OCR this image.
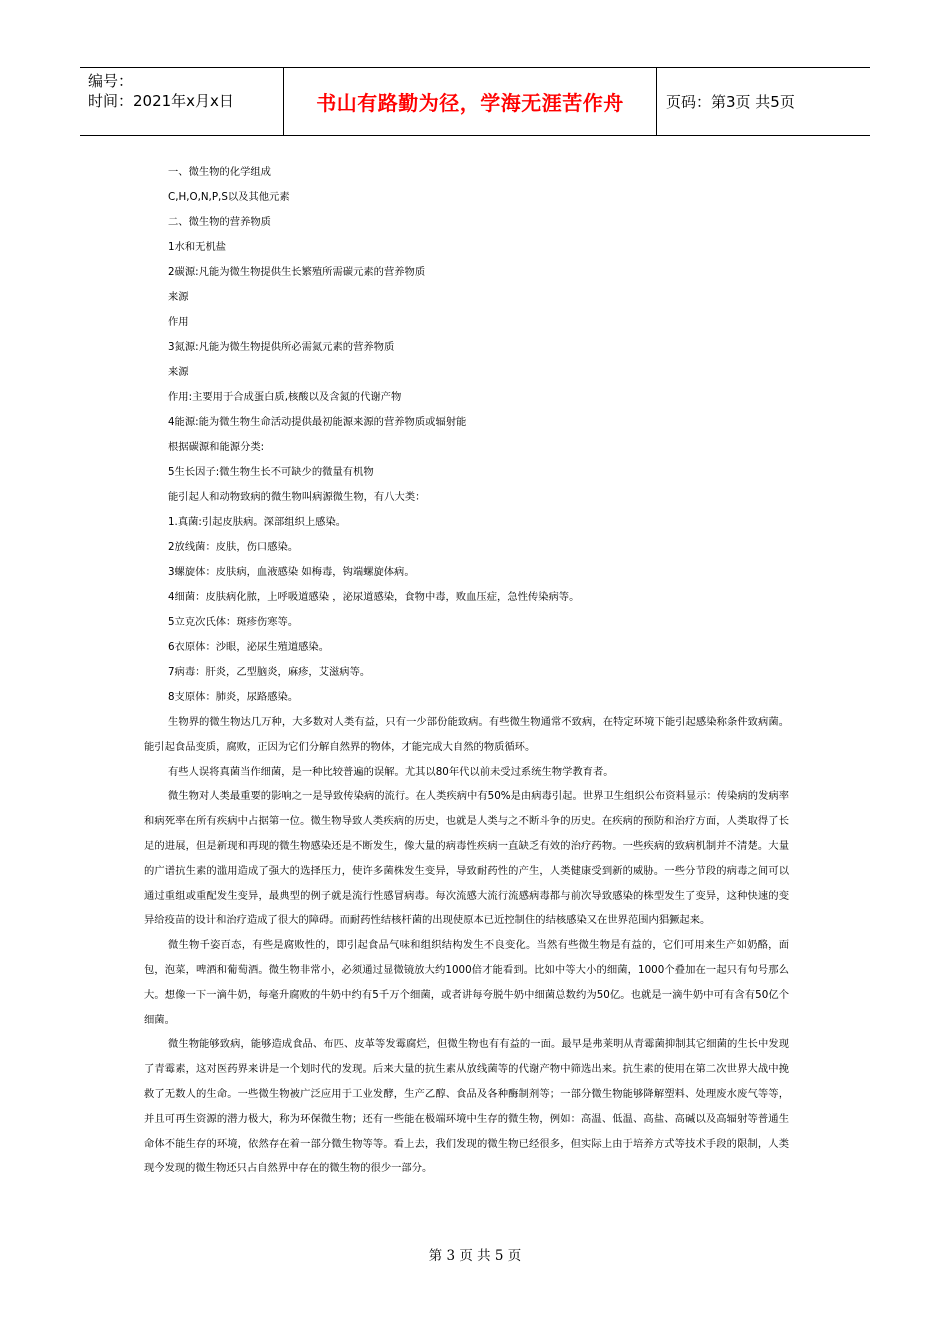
编号：
时间：2021年x月x日	书山有路勤为径，学海无涯苦作舟	页码：第3页 共5页
一、微生物的化学组成
C,H,O,N,P,S以及其他元素
二、微生物的营养物质
1水和无机盐
2碳源:凡能为微生物提供生长繁殖所需碳元素的营养物质
来源
作用
3氮源:凡能为微生物提供所必需氮元素的营养物质
来源
作用:主要用于合成蛋白质,核酸以及含氮的代谢产物
4能源:能为微生物生命活动提供最初能源来源的营养物质或辐射能
根据碳源和能源分类:
5生长因子:微生物生长不可缺少的微量有机物
能引起人和动物致病的微生物叫病源微生物，有八大类：
1.真菌:引起皮肤病。深部组织上感染。
2放线菌：皮肤，伤口感染。
3螺旋体：皮肤病，血液感染 如梅毒，钩端螺旋体病。
4细菌：皮肤病化脓，上呼吸道感染 ，泌尿道感染，食物中毒，败血压症，急性传染病等。
5立克次氏体：斑疹伤寒等。
6衣原体：沙眼，泌尿生殖道感染。
7病毒：肝炎，乙型脑炎，麻疹，艾滋病等。
8支原体：肺炎，尿路感染。
生物界的微生物达几万种，大多数对人类有益，只有一少部份能致病。有些微生物通常不致病，在特定环境下能引起感染称条件致病菌。 能引起食品变质，腐败，正因为它们分解自然界的物体，才能完成大自然的物质循环。
有些人误将真菌当作细菌，是一种比较普遍的误解。尤其以80年代以前未受过系统生物学教育者。
微生物对人类最重要的影响之一是导致传染病的流行。在人类疾病中有50%是由病毒引起。世界卫生组织公布资料显示：传染病的发病率和病死率在所有疾病中占据第一位。微生物导致人类疾病的历史，也就是人类与之不断斗争的历史。在疾病的预防和治疗方面，人类取得了长足的进展，但是新现和再现的微生物感染还是不断发生，像大量的病毒性疾病一直缺乏有效的治疗药物。一些疾病的致病机制并不清楚。大量的广谱抗生素的滥用造成了强大的选择压力，使许多菌株发生变异，导致耐药性的产生，人类健康受到新的威胁。一些分节段的病毒之间可以通过重组或重配发生变异，最典型的例子就是流行性感冒病毒。每次流感大流行流感病毒都与前次导致感染的株型发生了变异，这种快速的变异给疫苗的设计和治疗造成了很大的障碍。而耐药性结核杆菌的出现使原本已近控制住的结核感染又在世界范围内猖獗起来。
微生物千姿百态，有些是腐败性的，即引起食品气味和组织结构发生不良变化。当然有些微生物是有益的，它们可用来生产如奶酪，面包，泡菜，啤酒和葡萄酒。微生物非常小，必须通过显微镜放大约1000倍才能看到。比如中等大小的细菌，1000个叠加在一起只有句号那么大。想像一下一滴牛奶，每毫升腐败的牛奶中约有5千万个细菌，或者讲每夸脱牛奶中细菌总数约为50亿。也就是一滴牛奶中可有含有50亿个细菌。
微生物能够致病，能够造成食品、布匹、皮革等发霉腐烂，但微生物也有有益的一面。最早是弗莱明从青霉菌抑制其它细菌的生长中发现了青霉素，这对医药界来讲是一个划时代的发现。后来大量的抗生素从放线菌等的代谢产物中筛选出来。抗生素的使用在第二次世界大战中挽救了无数人的生命。一些微生物被广泛应用于工业发酵，生产乙醇、食品及各种酶制剂等；一部分微生物能够降解塑料、处理废水废气等等，并且可再生资源的潜力极大，称为环保微生物；还有一些能在极端环境中生存的微生物，例如：高温、低温、高盐、高碱以及高辐射等普通生命体不能生存的环境，依然存在着一部分微生物等等。看上去，我们发现的微生物已经很多，但实际上由于培养方式等技术手段的限制，人类现今发现的微生物还只占自然界中存在的微生物的很少一部分。
第 3 页 共 5 页
